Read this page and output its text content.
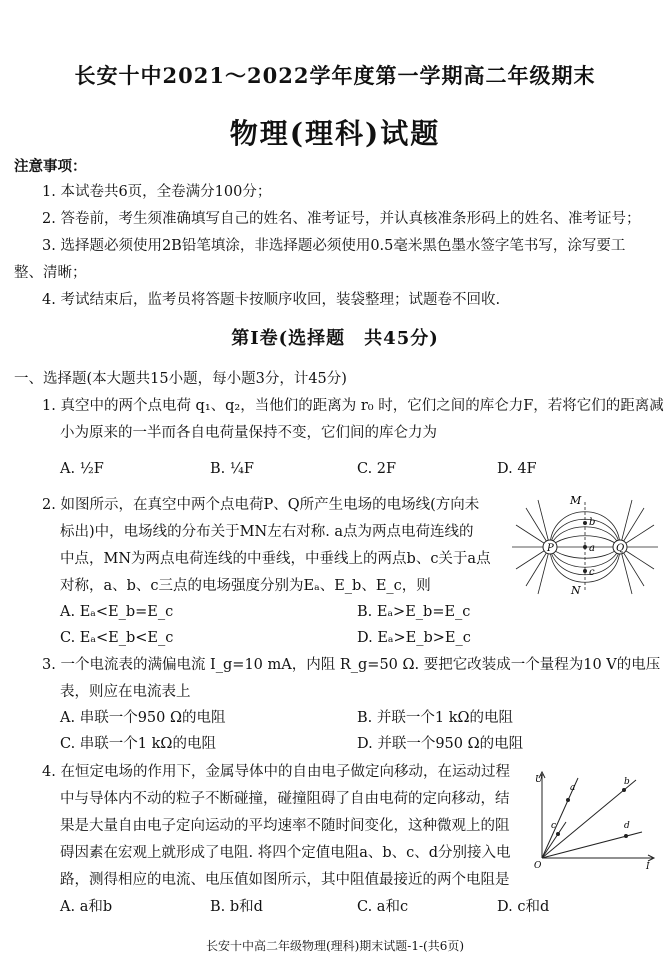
长安十中2021～2022学年度第一学期高二年级期末
物理(理科)试题
注意事项：
1. 本试卷共6页，全卷满分100分；
2. 答卷前，考生须准确填写自己的姓名、准考证号，并认真核准条形码上的姓名、准考证号；
3. 选择题必须使用2B铅笔填涂，非选择题必须使用0.5毫米黑色墨水签字笔书写，涂写要工
整、清晰；
4. 考试结束后，监考员将答题卡按顺序收回，装袋整理；试题卷不回收.
第Ⅰ卷(选择题　共45分)
一、选择题(本大题共15小题，每小题3分，计45分)
1. 真空中的两个点电荷 q₁、q₂，当他们的距离为 r₀ 时，它们之间的库仑力F，若将它们的距离减
小为原来的一半而各自电荷量保持不变，它们间的库仑力为
A. ½F	B. ¼F	C. 2F	D. 4F
2. 如图所示，在真空中两个点电荷P、Q所产生电场的电场线(方向未
标出)中，电场线的分布关于MN左右对称. a点为两点电荷连线的
中点，MN为两点电荷连线的中垂线，中垂线上的两点b、c关于a点
对称，a、b、c三点的电场强度分别为Eₐ、E_b、E_c，则
A. Eₐ<E_b=E_c	B. Eₐ>E_b=E_c
C. Eₐ<E_b<E_c	D. Eₐ>E_b>E_c
P	Q
M
N
a
b
c
3. 一个电流表的满偏电流 I_g=10 mA，内阻 R_g=50 Ω. 要把它改装成一个量程为10 V的电压
表，则应在电流表上
A. 串联一个950 Ω的电阻	B. 并联一个1 kΩ的电阻
C. 串联一个1 kΩ的电阻	D. 并联一个950 Ω的电阻
4. 在恒定电场的作用下，金属导体中的自由电子做定向移动，在运动过程
中与导体内不动的粒子不断碰撞，碰撞阻碍了自由电荷的定向移动，结
果是大量自由电子定向运动的平均速率不随时间变化，这种微观上的阻
碍因素在宏观上就形成了电阻. 将四个定值电阻a、b、c、d分别接入电
路，测得相应的电流、电压值如图所示，其中阻值最接近的两个电阻是
A. a和b	B. b和d	C. a和c	D. c和d
U
I
O
a
b
c	d
长安十中高二年级物理(理科)期末试题-1-(共6页)
